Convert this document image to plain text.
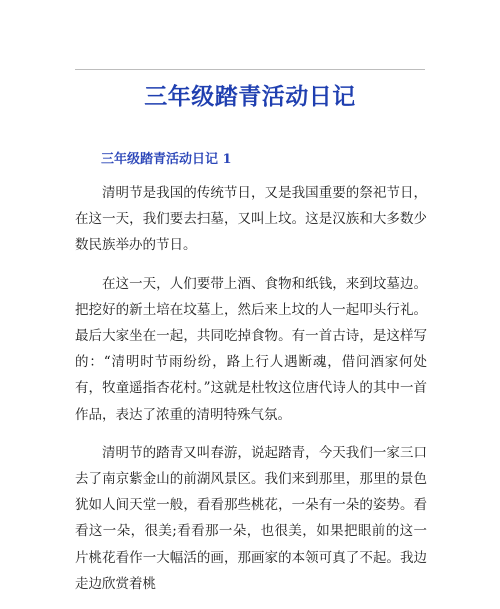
三年级踏青活动日记
三年级踏青活动日记 1

清明节是我国的传统节日，又是我国重要的祭祀节日，在这一天，我们要去扫墓，又叫上坟。这是汉族和大多数少数民族举办的节日。

在这一天，人们要带上酒、食物和纸钱，来到坟墓边。把挖好的新土培在坟墓上，然后来上坟的人一起叩头行礼。最后大家坐在一起，共同吃掉食物。有一首古诗，是这样写的：“清明时节雨纷纷，路上行人遇断魂，借问酒家何处有，牧童遥指杏花村。”这就是杜牧这位唐代诗人的其中一首作品，表达了浓重的清明特殊气氛。

清明节的踏青又叫春游，说起踏青，今天我们一家三口去了南京紫金山的前湖风景区。我们来到那里，那里的景色犹如人间天堂一般，看看那些桃花，一朵有一朵的姿势。看看这一朵，很美;看看那一朵，也很美，如果把眼前的这一片桃花看作一大幅活的画，那画家的本领可真了不起。我边走边欣赏着桃
